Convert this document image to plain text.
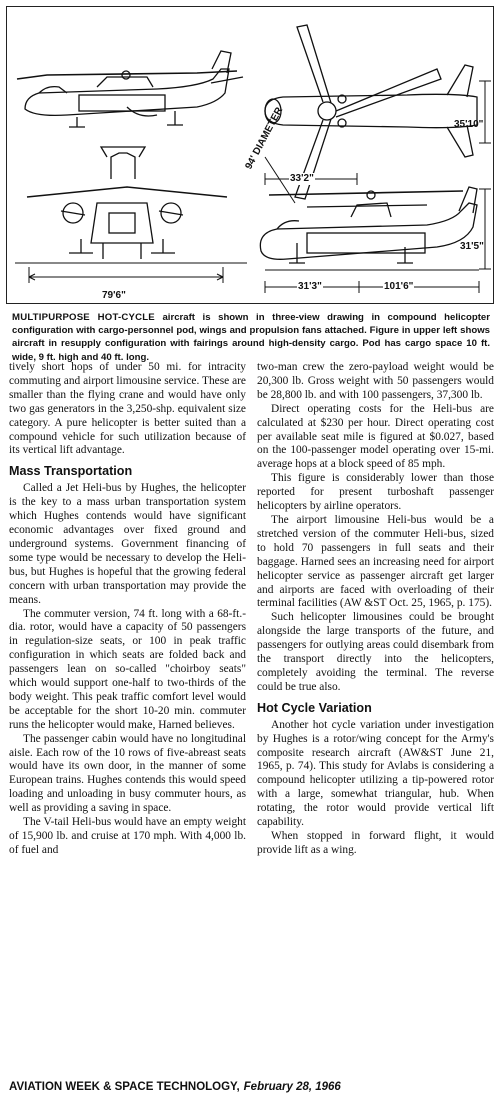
94' DIAMETER	35'10"
79'6"
33'2"
31'5"
31'3"	101'6"

MULTIPURPOSE HOT-CYCLE aircraft is shown in three-view drawing in compound helicopter configuration with cargo-personnel pod, wings and propulsion fans attached. Figure in upper left shows aircraft in resupply configuration with fairings around high-density cargo. Pod has cargo space 10 ft. wide, 9 ft. high and 40 ft. long.

tively short hops of under 50 mi. for intracity commuting and airport limousine service. These are smaller than the flying crane and would have only two gas generators in the 3,250-shp. equivalent size category. A pure helicopter is better suited than a compound vehicle for such utilization because of its vertical lift advantage.

Mass Transportation

Called a Jet Heli-bus by Hughes, the helicopter is the key to a mass urban transportation system which Hughes contends would have significant economic advantages over fixed ground and underground systems. Government financing of some type would be necessary to develop the Heli-bus, but Hughes is hopeful that the growing federal concern with urban transportation may provide the means.

The commuter version, 74 ft. long with a 68-ft.-dia. rotor, would have a capacity of 50 passengers in regulation-size seats, or 100 in peak traffic configuration in which seats are folded back and passengers lean on so-called "choirboy seats" which would support one-half to two-thirds of the body weight. This peak traffic comfort level would be acceptable for the short 10-20 min. commuter runs the helicopter would make, Harned believes.

The passenger cabin would have no longitudinal aisle. Each row of the 10 rows of five-abreast seats would have its own door, in the manner of some European trains. Hughes contends this would speed loading and unloading in busy commuter hours, as well as providing a saving in space.

The V-tail Heli-bus would have an empty weight of 15,900 lb. and cruise at 170 mph. With 4,000 lb. of fuel and

two-man crew the zero-payload weight would be 20,300 lb. Gross weight with 50 passengers would be 28,800 lb. and with 100 passengers, 37,300 lb.

Direct operating costs for the Heli-bus are calculated at $230 per hour. Direct operating cost per available seat mile is figured at $0.027, based on the 100-passenger model operating over 15-mi. average hops at a block speed of 85 mph.

This figure is considerably lower than those reported for present turboshaft passenger helicopters by airline operators.

The airport limousine Heli-bus would be a stretched version of the commuter Heli-bus, sized to hold 70 passengers in full seats and their baggage. Harned sees an increasing need for airport helicopter service as passenger aircraft get larger and airports are faced with overloading of their terminal facilities (AW &ST Oct. 25, 1965, p. 175).

Such helicopter limousines could be brought alongside the large transports of the future, and passengers for outlying areas could disembark from the transport directly into the helicopters, completely avoiding the terminal. The reverse could be true also.

Hot Cycle Variation

Another hot cycle variation under investigation by Hughes is a rotor/wing concept for the Army's composite research aircraft (AW&ST June 21, 1965, p. 74). This study for Avlabs is considering a compound helicopter utilizing a tip-powered rotor with a large, somewhat triangular, hub. When rotating, the rotor would provide vertical lift capability.

When stopped in forward flight, it would provide lift as a wing.

AVIATION WEEK & SPACE TECHNOLOGY, February 28, 1966
